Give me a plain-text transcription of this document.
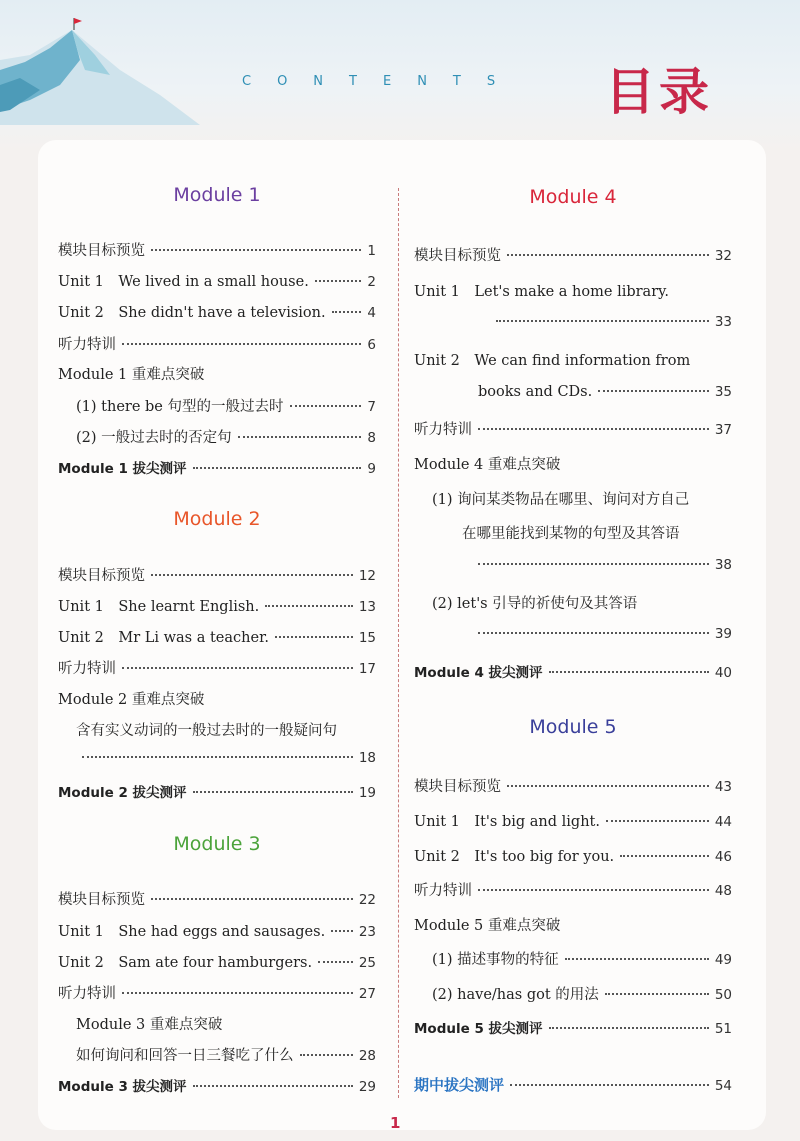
CONTENTS 目录
Module 1
模块目标预览	1
Unit 1　We lived in a small house.	2
Unit 2　She didn't have a television.	4
听力特训	6
Module 1 重难点突破
(1) there be 句型的一般过去时	7
(2) 一般过去时的否定句	8
Module 1 拔尖测评	9
Module 2
模块目标预览	12
Unit 1　She learnt English.	13
Unit 2　Mr Li was a teacher.	15
听力特训	17
Module 2 重难点突破
含有实义动词的一般过去时的一般疑问句
18
Module 2 拔尖测评	19
Module 3
模块目标预览	22
Unit 1　She had eggs and sausages. 23
Unit 2　Sam ate four hamburgers.	25
听力特训	27
Module 3 重难点突破
如何询问和回答一日三餐吃了什么	28
Module 3 拔尖测评	29
Module 4
模块目标预览	32
Unit 1　Let's make a home library.
33
Unit 2　We can find information from
books and CDs.	35
听力特训	37
Module 4 重难点突破
(1) 询问某类物品在哪里、询问对方自己
在哪里能找到某物的句型及其答语
38
(2) let's 引导的祈使句及其答语
39
Module 4 拔尖测评	40
Module 5
模块目标预览	43
Unit 1　It's big and light.	44
Unit 2　It's too big for you.	46
听力特训	48
Module 5 重难点突破
(1) 描述事物的特征	49
(2) have/has got 的用法	50
Module 5 拔尖测评	51
期中拔尖测评	54
1
